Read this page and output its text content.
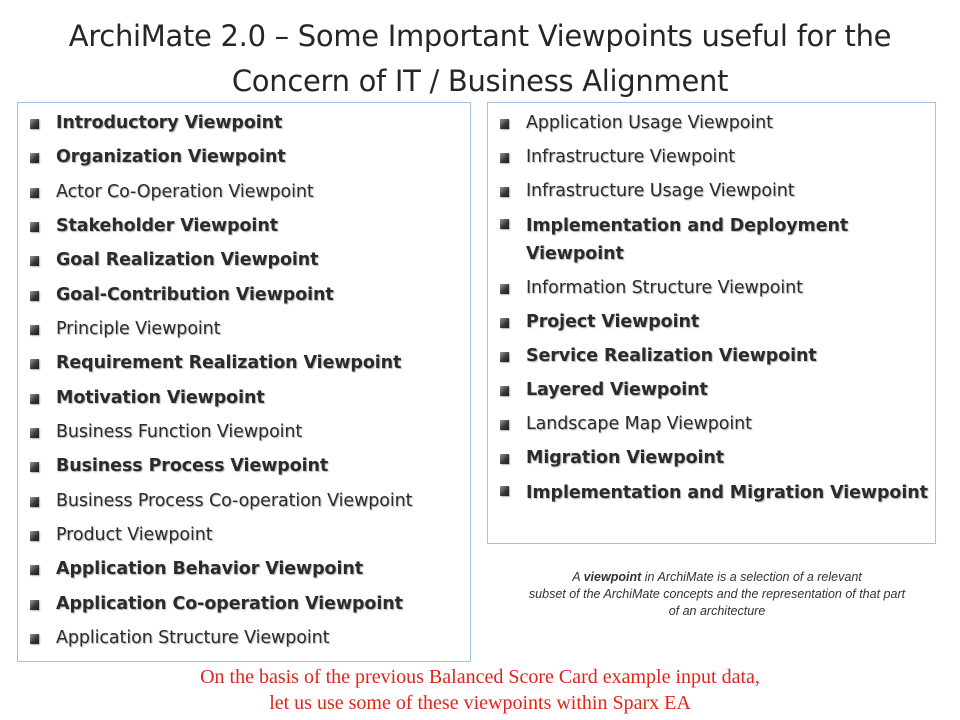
ArchiMate 2.0 – Some Important Viewpoints useful for the
Concern of IT / Business Alignment
Introductory Viewpoint
Organization Viewpoint
Actor Co-Operation Viewpoint
Stakeholder Viewpoint
Goal Realization Viewpoint
Goal-Contribution Viewpoint
Principle Viewpoint
Requirement Realization Viewpoint
Motivation Viewpoint
Business Function Viewpoint
Business Process Viewpoint
Business Process Co-operation Viewpoint
Product Viewpoint
Application Behavior Viewpoint
Application Co-operation Viewpoint
Application Structure Viewpoint
Application Usage Viewpoint
Infrastructure Viewpoint
Infrastructure Usage Viewpoint
Implementation and Deployment Viewpoint
Information Structure Viewpoint
Project Viewpoint
Service Realization Viewpoint
Layered Viewpoint
Landscape Map Viewpoint
Migration Viewpoint
Implementation and Migration Viewpoint
A viewpoint in ArchiMate is a selection of a relevant
subset of the ArchiMate concepts and the representation of that part
of an architecture
On the basis of the previous Balanced Score Card example input data,
let us use some of these viewpoints within Sparx EA
